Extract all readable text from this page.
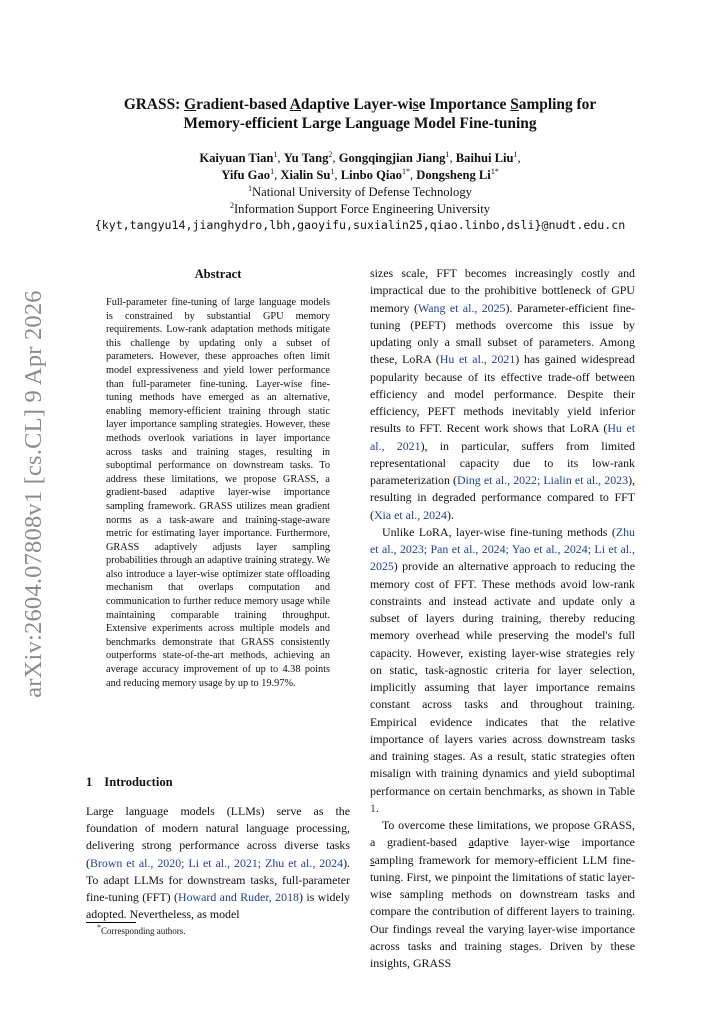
arXiv:2604.07808v1 [cs.CL] 9 Apr 2026
GRASS: Gradient-based Adaptive Layer-wise Importance Sampling for
Memory-efficient Large Language Model Fine-tuning
Kaiyuan Tian$^1$, Yu Tang$^2$, Gongqingjian Jiang$^1$, Baihui Liu$^1$,
Yifu Gao$^1$, Xialin Su$^1$, Linbo Qiao$^{1*}$, Dongsheng $Li^{1*}$
$^1$National University of Defense Technology
$^2$Information Support Force Engineering University
{kyt,tangyu14,jianghydro,lbh,gaoyifu,suxialin25,qiao.linbo,dsli}@nudt.edu.cn
Abstract
Full-parameter fine-tuning of large language models is constrained by substantial GPU memory requirements. Low-rank adaptation methods mitigate this challenge by updating only a subset of parameters. However, these approaches often limit model expressiveness and yield lower performance than full-parameter fine-tuning. Layer-wise fine-tuning methods have emerged as an alternative, enabling memory-efficient training through static layer importance sampling strategies. However, these methods overlook variations in layer importance across tasks and training stages, resulting in suboptimal performance on downstream tasks. To address these limitations, we propose GRASS, a gradient-based adaptive layer-wise importance sampling framework. GRASS utilizes mean gradient norms as a task-aware and training-stage-aware metric for estimating layer importance. Furthermore, GRASS adaptively adjusts layer sampling probabilities through an adaptive training strategy. We also introduce a layer-wise optimizer state offloading mechanism that overlaps computation and communication to further reduce memory usage while maintaining comparable training throughput. Extensive experiments across multiple models and benchmarks demonstrate that GRASS consistently outperforms state-of-the-art methods, achieving an average accuracy improvement of up to 4.38 points and reducing memory usage by up to 19.97%.
1 Introduction
Large language models (LLMs) serve as the foundation of modern natural language processing, delivering strong performance across diverse tasks (Brown et al., 2020; Li et al., 2021; Zhu et al., 2024). To adapt LLMs for downstream tasks, full-parameter fine-tuning (FFT) (Howard and Ruder, 2018) is widely adopted. Nevertheless, as model
*Corresponding authors.

sizes scale, FFT becomes increasingly costly and impractical due to the prohibitive bottleneck of GPU memory (Wang et al., 2025). Parameter-efficient fine-tuning (PEFT) methods overcome this issue by updating only a small subset of parameters. Among these, LoRA (Hu et al., 2021) has gained widespread popularity because of its effective trade-off between efficiency and model performance. Despite their efficiency, PEFT methods inevitably yield inferior results to FFT. Recent work shows that LoRA (Hu et al., 2021), in particular, suffers from limited representational capacity due to its low-rank parameterization (Ding et al., 2022; Lialin et al., 2023), resulting in degraded performance compared to FFT (Xia et al., 2024).

Unlike LoRA, layer-wise fine-tuning methods (Zhu et al., 2023; Pan et al., 2024; Yao et al., 2024; Li et al., 2025) provide an alternative approach to reducing the memory cost of FFT. These methods avoid low-rank constraints and instead activate and update only a subset of layers during training, thereby reducing memory overhead while preserving the model's full capacity. However, existing layer-wise strategies rely on static, task-agnostic criteria for layer selection, implicitly assuming that layer importance remains constant across tasks and throughout training. Empirical evidence indicates that the relative importance of layers varies across downstream tasks and training stages. As a result, static strategies often misalign with training dynamics and yield suboptimal performance on certain benchmarks, as shown in Table 1.

To overcome these limitations, we propose GRASS, a gradient-based adaptive layer-wise importance sampling framework for memory-efficient LLM fine-tuning. First, we pinpoint the limitations of static layer-wise sampling methods on downstream tasks and compare the contribution of different layers to training. Our findings reveal the varying layer-wise importance across tasks and training stages. Driven by these insights, GRASS
